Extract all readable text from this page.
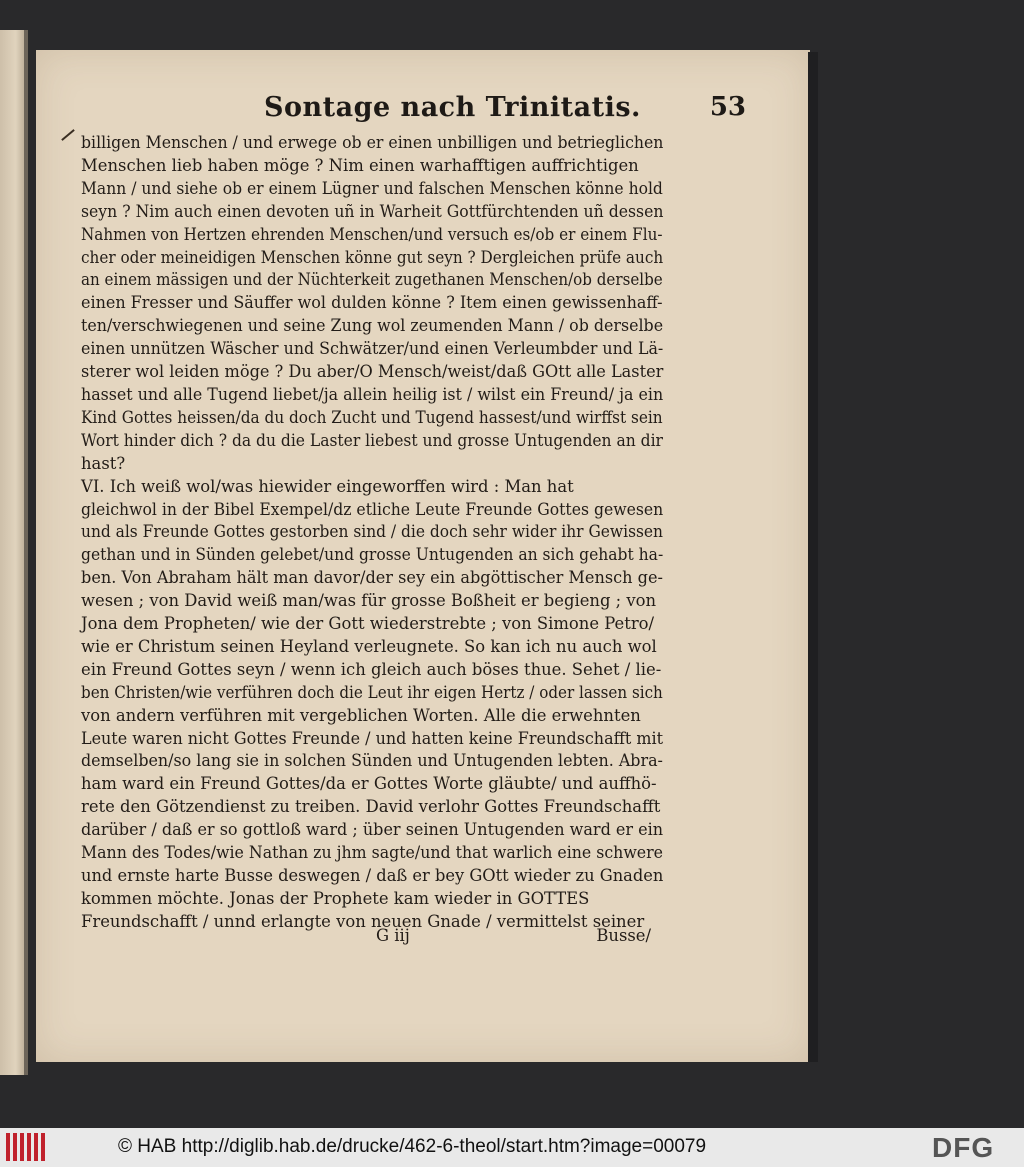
Sontage nach Trinitatis.	53
billigen Menschen / und erwege ob er einen unbilligen und betrieglichen
Menschen lieb haben möge ? Nim einen warhafftigen auffrichtigen
Mann / und siehe ob er einem Lügner und falschen Menschen könne hold
seyn ? Nim auch einen devoten uñ in Warheit Gottfürchtenden uñ dessen
Nahmen von Hertzen ehrenden Menschen/und versuch es/ob er einem Flu-
cher oder meineidigen Menschen könne gut seyn ? Dergleichen prüfe auch
an einem mässigen und der Nüchterkeit zugethanen Menschen/ob derselbe
einen Fresser und Säuffer wol dulden könne ? Item einen gewissenhaff-
ten/verschwiegenen und seine Zung wol zeumenden Mann / ob derselbe
einen unnützen Wäscher und Schwätzer/und einen Verleumbder und Lä-
sterer wol leiden möge ? Du aber/O Mensch/weist/daß GOtt alle Laster
hasset und alle Tugend liebet/ja allein heilig ist / wilst ein Freund/ ja ein
Kind Gottes heissen/da du doch Zucht und Tugend hassest/und wirffst sein
Wort hinder dich ? da du die Laster liebest und grosse Untugenden an dir
hast?
VI. Ich weiß wol/was hiewider eingeworffen wird : Man hat
gleichwol in der Bibel Exempel/dz etliche Leute Freunde Gottes gewesen
und als Freunde Gottes gestorben sind / die doch sehr wider ihr Gewissen
gethan und in Sünden gelebet/und grosse Untugenden an sich gehabt ha-
ben. Von Abraham hält man davor/der sey ein abgöttischer Mensch ge-
wesen ; von David weiß man/was für grosse Boßheit er begieng ; von
Jona dem Propheten/ wie der Gott wiederstrebte ; von Simone Petro/
wie er Christum seinen Heyland verleugnete. So kan ich nu auch wol
ein Freund Gottes seyn / wenn ich gleich auch böses thue. Sehet / lie-
ben Christen/wie verführen doch die Leut ihr eigen Hertz / oder lassen sich
von andern verführen mit vergeblichen Worten. Alle die erwehnten
Leute waren nicht Gottes Freunde / und hatten keine Freundschafft mit
demselben/so lang sie in solchen Sünden und Untugenden lebten. Abra-
ham ward ein Freund Gottes/da er Gottes Worte gläubte/ und auffhö-
rete den Götzendienst zu treiben. David verlohr Gottes Freundschafft
darüber / daß er so gottloß ward ; über seinen Untugenden ward er ein
Mann des Todes/wie Nathan zu jhm sagte/und that warlich eine schwere
und ernste harte Busse deswegen / daß er bey GOtt wieder zu Gnaden
kommen möchte. Jonas der Prophete kam wieder in GOTTES
Freundschafft / unnd erlangte von neuen Gnade / vermittelst seiner
G iij	Busse/
© HAB http://diglib.hab.de/drucke/462-6-theol/start.htm?image=00079	DFG
